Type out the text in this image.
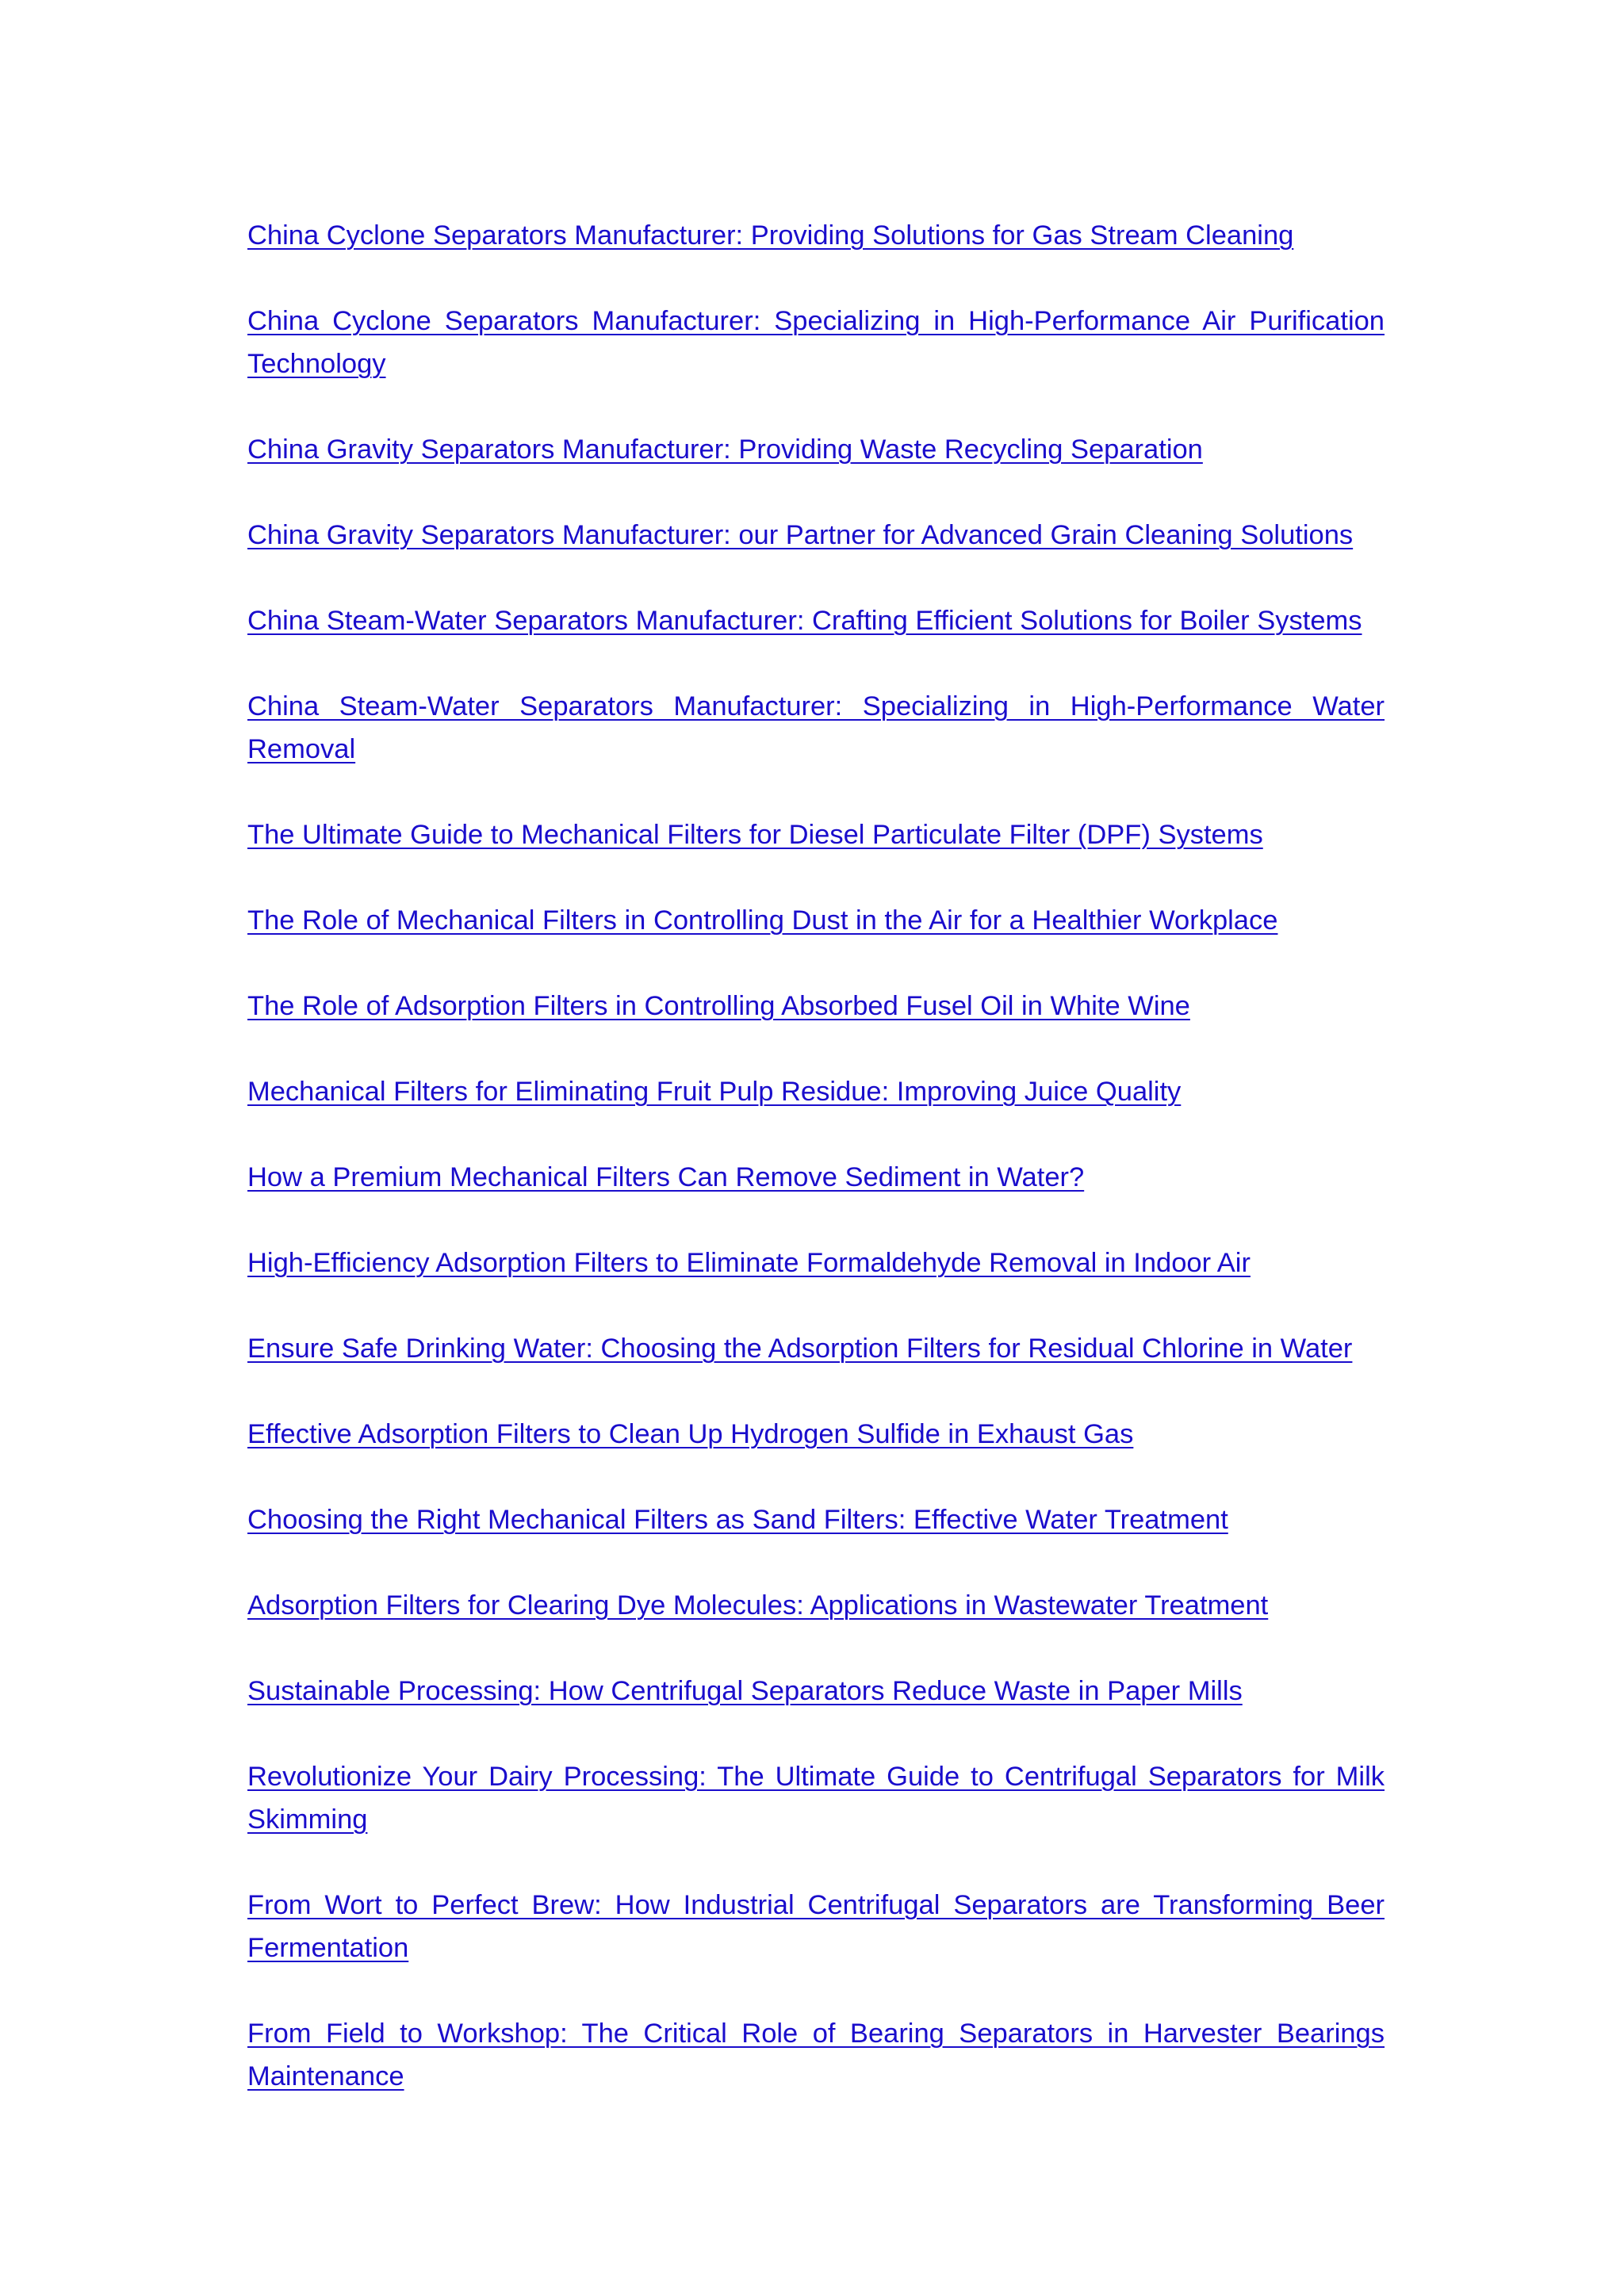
China Cyclone Separators Manufacturer: Providing Solutions for Gas Stream Cleaning
China Cyclone Separators Manufacturer: Specializing in High-Performance Air Purification Technology
China Gravity Separators Manufacturer: Providing Waste Recycling Separation
China Gravity Separators Manufacturer: our Partner for Advanced Grain Cleaning Solutions
China Steam-Water Separators Manufacturer: Crafting Efficient Solutions for Boiler Systems
China Steam-Water Separators Manufacturer: Specializing in High-Performance Water Removal
The Ultimate Guide to Mechanical Filters for Diesel Particulate Filter (DPF) Systems
The Role of Mechanical Filters in Controlling Dust in the Air for a Healthier Workplace
The Role of Adsorption Filters in Controlling Absorbed Fusel Oil in White Wine
Mechanical Filters for Eliminating Fruit Pulp Residue: Improving Juice Quality
How a Premium Mechanical Filters Can Remove Sediment in Water?
High-Efficiency Adsorption Filters to Eliminate Formaldehyde Removal in Indoor Air
Ensure Safe Drinking Water: Choosing the Adsorption Filters for Residual Chlorine in Water
Effective Adsorption Filters to Clean Up Hydrogen Sulfide in Exhaust Gas
Choosing the Right Mechanical Filters as Sand Filters: Effective Water Treatment
Adsorption Filters for Clearing Dye Molecules: Applications in Wastewater Treatment
Sustainable Processing: How Centrifugal Separators Reduce Waste in Paper Mills
Revolutionize Your Dairy Processing: The Ultimate Guide to Centrifugal Separators for Milk Skimming
From Wort to Perfect Brew: How Industrial Centrifugal Separators are Transforming Beer Fermentation
From Field to Workshop: The Critical Role of Bearing Separators in Harvester Bearings Maintenance
